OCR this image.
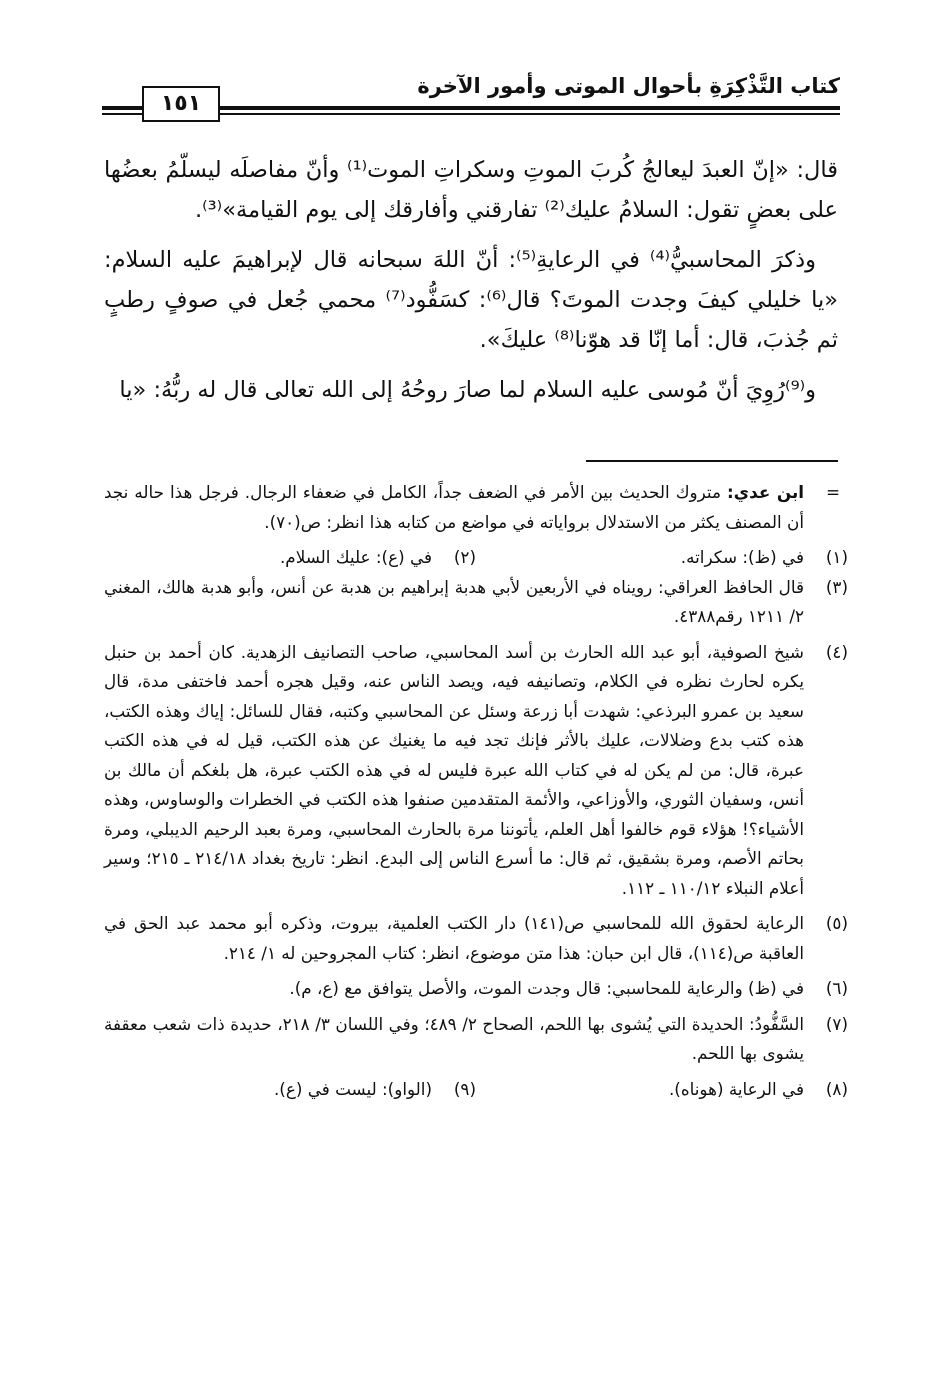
كتاب التَّذْكِرَةِ بأحوال الموتى وأمور الآخرة
١٥١

قال: «إنّ العبدَ ليعالجُ كُربَ الموتِ وسكراتِ الموت⁽¹⁾ وأنّ مفاصلَه ليسلّمُ بعضُها على بعضٍ تقول: السلامُ عليك⁽²⁾ تفارقني وأفارقك إلى يوم القيامة»⁽³⁾.

وذكرَ المحاسبيُّ⁽⁴⁾ في الرعايةِ⁽⁵⁾: أنّ اللهَ سبحانه قال لإبراهيمَ عليه السلام: «يا خليلي كيفَ وجدت الموتَ؟ قال⁽⁶⁾: كسَفُّود⁽⁷⁾ محمي جُعل في صوفٍ رطبٍ ثم جُذبَ، قال: أما إنّا قد هوّنا⁽⁸⁾ عليكَ».

و⁽⁹⁾رُوِيَ أنّ مُوسى عليه السلام لما صارَ روحُهُ إلى الله تعالى قال له ربُّهُ: «يا

=
ابن عدي: متروك الحديث بين الأمر في الضعف جداً، الكامل في ضعفاء الرجال. فرجل هذا حاله نجد أن المصنف يكثر من الاستدلال برواياته في مواضع من كتابه هذا انظر: ص(٧٠).
(١)
في (ظ): سكراته.
(٢)
في (ع): عليك السلام.
(٣)
قال الحافظ العراقي: رويناه في الأربعين لأبي هدبة إبراهيم بن هدبة عن أنس، وأبو هدبة هالك، المغني ٢/ ١٢١١ رقم٤٣٨٨.
(٤)
شيخ الصوفية، أبو عبد الله الحارث بن أسد المحاسبي، صاحب التصانيف الزهدية. كان أحمد بن حنبل يكره لحارث نظره في الكلام، وتصانيفه فيه، ويصد الناس عنه، وقيل هجره أحمد فاختفى مدة، قال سعيد بن عمرو البرذعي: شهدت أبا زرعة وسئل عن المحاسبي وكتبه، فقال للسائل: إياك وهذه الكتب، هذه كتب بدع وضلالات، عليك بالأثر فإنك تجد فيه ما يغنيك عن هذه الكتب، قيل له في هذه الكتب عبرة، قال: من لم يكن له في كتاب الله عبرة فليس له في هذه الكتب عبرة، هل بلغكم أن مالك بن أنس، وسفيان الثوري، والأوزاعي، والأئمة المتقدمين صنفوا هذه الكتب في الخطرات والوساوس، وهذه الأشياء؟! هؤلاء قوم خالفوا أهل العلم، يأتوننا مرة بالحارث المحاسبي، ومرة بعبد الرحيم الديبلي، ومرة بحاتم الأصم، ومرة بشقيق، ثم قال: ما أسرع الناس إلى البدع. انظر: تاريخ بغداد ٢١٤/١٨ ـ ٢١٥؛ وسير أعلام النبلاء ١١٠/١٢ ـ ١١٢.
(٥)
الرعاية لحقوق الله للمحاسبي ص(١٤١) دار الكتب العلمية، بيروت، وذكره أبو محمد عبد الحق في العاقبة ص(١١٤)، قال ابن حبان: هذا متن موضوع، انظر: كتاب المجروحين له ١/ ٢١٤.
(٦)
في (ظ) والرعاية للمحاسبي: قال وجدت الموت، والأصل يتوافق مع (ع، م).
(٧)
السَّفُّودُ: الحديدة التي يُشوى بها اللحم، الصحاح ٢/ ٤٨٩؛ وفي اللسان ٣/ ٢١٨، حديدة ذات شعب معقفة يشوى بها اللحم.
(٨)
في الرعاية (هوناه).
(٩)
(الواو): ليست في (ع).
